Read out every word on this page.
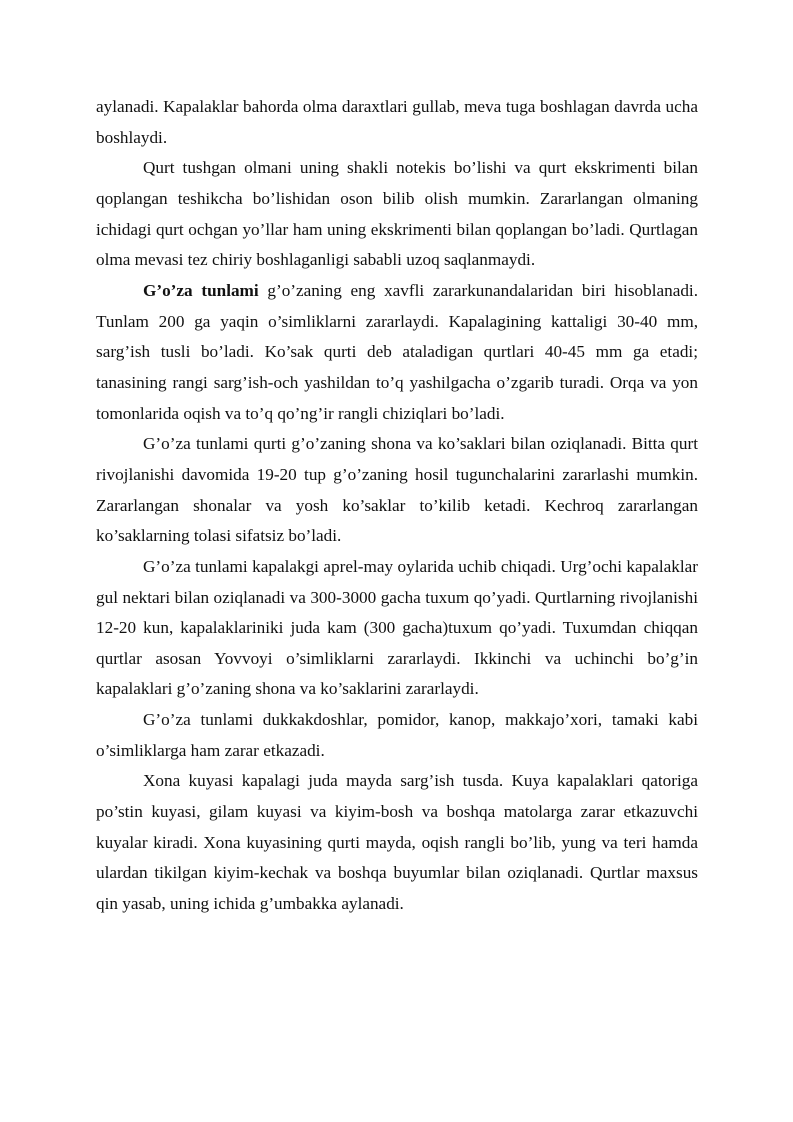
aylanadi. Kapalaklar bahorda olma daraxtlari gullab, meva tuga boshlagan davrda ucha boshlaydi.

Qurt tushgan olmani uning shakli notekis bo’lishi va qurt ekskrimenti bilan qoplangan teshikcha bo’lishidan oson bilib olish mumkin. Zararlangan olmaning ichidagi qurt ochgan yo’llar ham uning ekskrimenti bilan qoplangan bo’ladi. Qurtlagan olma mevasi tez chiriy boshlaganligi sababli uzoq saqlanmaydi.

G’o’za tunlami g’o’zaning eng xavfli zararkunandalaridan biri hisoblanadi. Tunlam 200 ga yaqin o’simliklarni zararlaydi. Kapalagining kattaligi 30-40 mm, sarg’ish tusli bo’ladi. Ko’sak qurti deb ataladigan qurtlari 40-45 mm ga etadi; tanasining rangi sarg’ish-och yashildan to’q yashilgacha o’zgarib turadi. Orqa va yon tomonlarida oqish va to’q qo’ng’ir rangli chiziqlari bo’ladi.

G’o’za tunlami qurti g’o’zaning shona va ko’saklari bilan oziqlanadi. Bitta qurt rivojlanishi davomida 19-20 tup g’o’zaning hosil tugunchalarini zararlashi mumkin. Zararlangan shonalar va yosh ko’saklar to’kilib ketadi. Kechroq zararlangan ko’saklarning tolasi sifatsiz bo’ladi.

G’o’za tunlami kapalakgi aprel-may oylarida uchib chiqadi. Urg’ochi kapalaklar gul nektari bilan oziqlanadi va 300-3000 gacha tuxum qo’yadi. Qurtlarning rivojlanishi 12-20 kun, kapalaklariniki juda kam (300 gacha)tuxum qo’yadi. Tuxumdan chiqqan qurtlar asosan Yovvoyi o’simliklarni zararlaydi. Ikkinchi va uchinchi bo’g’in kapalaklari g’o’zaning shona va ko’saklarini zararlaydi.

G’o’za tunlami dukkakdoshlar, pomidor, kanop, makkajo’xori, tamaki kabi o’simliklarga ham zarar etkazadi.

Xona kuyasi kapalagi juda mayda sarg’ish tusda. Kuya kapalaklari qatoriga po’stin kuyasi, gilam kuyasi va kiyim-bosh va boshqa matolarga zarar etkazuvchi kuyalar kiradi. Xona kuyasining qurti mayda, oqish rangli bo’lib, yung va teri hamda ulardan tikilgan kiyim-kechak va boshqa buyumlar bilan oziqlanadi. Qurtlar maxsus qin yasab, uning ichida g’umbakka aylanadi.
